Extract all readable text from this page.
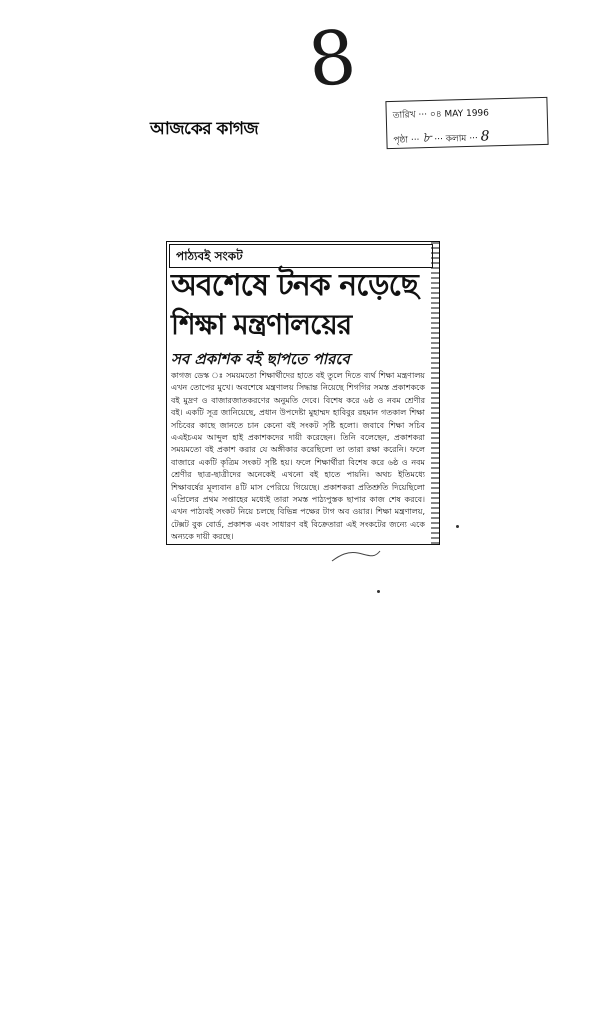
8
আজকের কাগজ
তারিখ ··· ০৪ MAY 1996
পৃষ্ঠা ··· ৮ ··· কলাম ··· 8
পাঠ্যবই সংকট
অবশেষে টনক নড়েছে
শিক্ষা মন্ত্রণালয়ের
সব প্রকাশক বই ছাপতে পারবে
কাগজ ডেস্ক ঃ সময়মতো শিক্ষার্থীদের হাতে বই তুলে দিতে ব্যর্থ শিক্ষা মন্ত্রণালয় এখন তোপের মুখে। অবশেষে মন্ত্রণালয় সিদ্ধান্ত নিয়েছে শিগগির সমস্ত প্রকাশককে বই মুদ্রণ ও বাজারজাতকরণের অনুমতি দেবে। বিশেষ করে ৬ষ্ঠ ও নবম শ্রেণীর বই। একটি সূত্র জানিয়েছে, প্রধান উপদেষ্টা মুহাম্মদ হাবিবুর রহমান গতকাল শিক্ষা সচিবের কাছে জানতে চান কেনো বই সংকট সৃষ্টি হলো। জবাবে শিক্ষা সচিব এএইচএম আব্দুল হাই প্রকাশকদের দায়ী করেছেন। তিনি বলেছেন, প্রকাশকরা সময়মতো বই প্রকাশ করার যে অঙ্গীকার করেছিলো তা তারা রক্ষা করেনি। ফলে বাজারে একটি কৃত্রিম সংকট সৃষ্টি হয়। ফলে শিক্ষার্থীরা বিশেষ করে ৬ষ্ঠ ও নবম শ্রেণীর ছাত্র-ছাত্রীদের অনেকেই এখনো বই হাতে পায়নি। অথচ ইতিমধ্যে শিক্ষাবর্ষের মূল্যবান ৪টি মাস পেরিয়ে গিয়েছে। প্রকাশকরা প্রতিশ্রুতি দিয়েছিলো এপ্রিলের প্রথম সপ্তাহের মধ্যেই তারা সমস্ত পাঠ্যপুস্তক ছাপার কাজ শেষ করবে। এখন পাঠ্যবই সংকট নিয়ে চলছে বিভিন্ন পক্ষের টাগ অব ওয়ার। শিক্ষা মন্ত্রণালয়, টেক্সট বুক বোর্ড, প্রকাশক এবং সাধারণ বই বিক্রেতারা এই সংকটের জন্যে একে অন্যকে দায়ী করছে।
